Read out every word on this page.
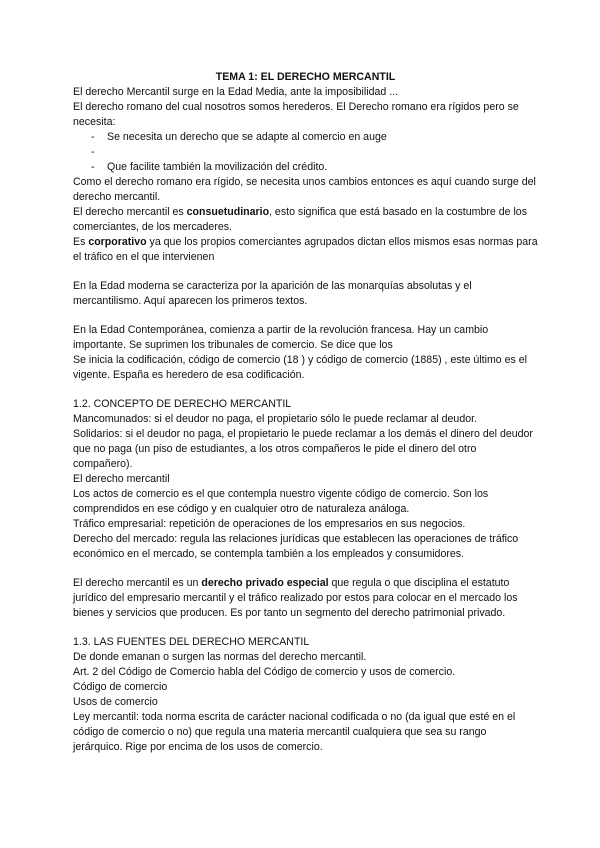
TEMA 1: EL DERECHO MERCANTIL

El derecho Mercantil surge en la Edad Media, ante la imposibilidad ...

El derecho romano del cual nosotros somos herederos. El Derecho romano era rígidos pero se necesita:

- Se necesita un derecho que se adapte al comercio en auge
-
- Que facilite también la movilización del crédito.

Como el derecho romano era rígido, se necesita unos cambios entonces es aquí cuando surge del derecho mercantil.

El derecho mercantil es consuetudinario, esto significa que está basado en la costumbre de los comerciantes, de los mercaderes.

Es corporativo ya que los propios comerciantes agrupados dictan ellos mismos esas normas para el tráfico en el que intervienen

En la Edad moderna se caracteriza por la aparición de las monarquías absolutas y el mercantilismo. Aquí aparecen los primeros textos.

En la Edad Contemporánea, comienza a partir de la revolución francesa. Hay un cambio importante. Se suprimen los tribunales de comercio. Se dice que los

Se inicia la codificación, código de comercio (18 ) y código de comercio (1885) , este último es el vigente. España es heredero de esa codificación.

1.2. CONCEPTO DE DERECHO MERCANTIL

Mancomunados: si el deudor no paga, el propietario sólo le puede reclamar al deudor.

Solidarios: si el deudor no paga, el propietario le puede reclamar a los demás el dinero del deudor que no paga (un piso de estudiantes, a los otros compañeros le pide el dinero del otro compañero).

El derecho mercantil

Los actos de comercio es el que contempla nuestro vigente código de comercio. Son los comprendidos en ese código y en cualquier otro de naturaleza análoga.

Tráfico empresarial: repetición de operaciones de los empresarios en sus negocios.

Derecho del mercado: regula las relaciones jurídicas que establecen las operaciones de tráfico económico en el mercado, se contempla también a los empleados y consumidores.

El derecho mercantil es un derecho privado especial que regula o que disciplina el estatuto jurídico del empresario mercantil y el tráfico realizado por estos para colocar en el mercado los bienes y servicios que producen. Es por tanto un segmento del derecho patrimonial privado.

1.3. LAS FUENTES DEL DERECHO MERCANTIL

De donde emanan o surgen las normas del derecho mercantil.

Art. 2 del Código de Comercio habla del Código de comercio y usos de comercio.

Código de comercio

Usos de comercio

Ley mercantil: toda norma escrita de carácter nacional codificada o no (da igual que esté en el código de comercio o no) que regula una materia mercantil cualquiera que sea su rango jerárquico. Rige por encima de los usos de comercio.
